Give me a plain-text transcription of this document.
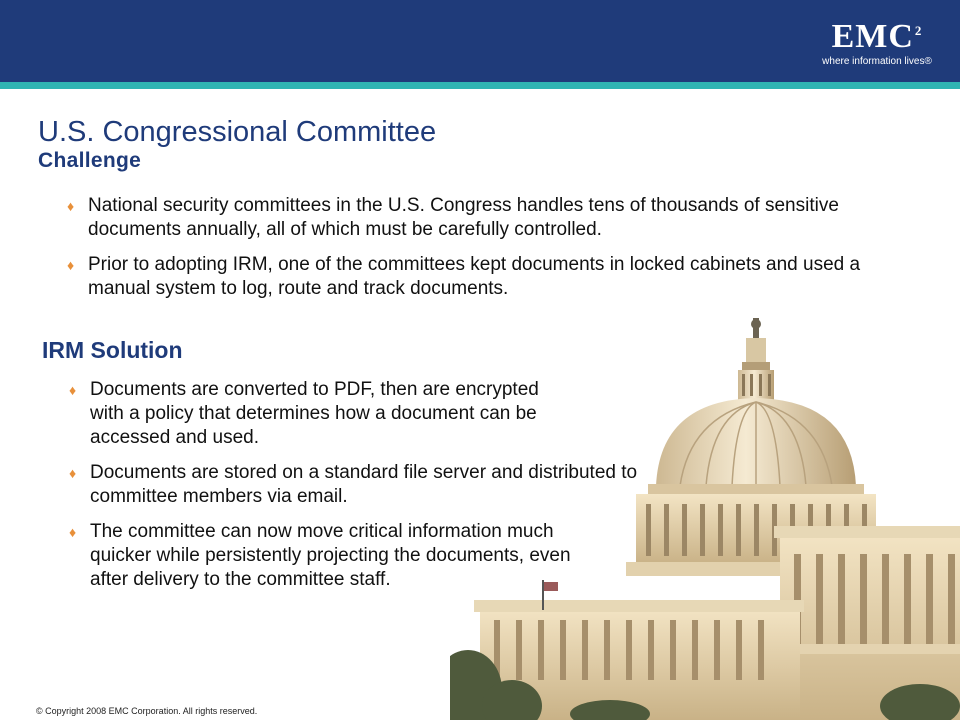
EMC$^2$
where information lives®
U.S. Congressional Committee
Challenge
♦ National security committees in the U.S. Congress handles tens of thousands of sensitive documents annually, all of which must be carefully controlled.
♦ Prior to adopting IRM, one of the committees kept documents in locked cabinets and used a manual system to log, route and track documents.
IRM Solution
♦ Documents are converted to PDF, then are encrypted with a policy that determines how a document can be accessed and used.
♦ Documents are stored on a standard file server and distributed to committee members via email.
♦ The committee can now move critical information much quicker while persistently projecting the documents, even after delivery to the committee staff.
© Copyright 2008 EMC Corporation. All rights reserved.
